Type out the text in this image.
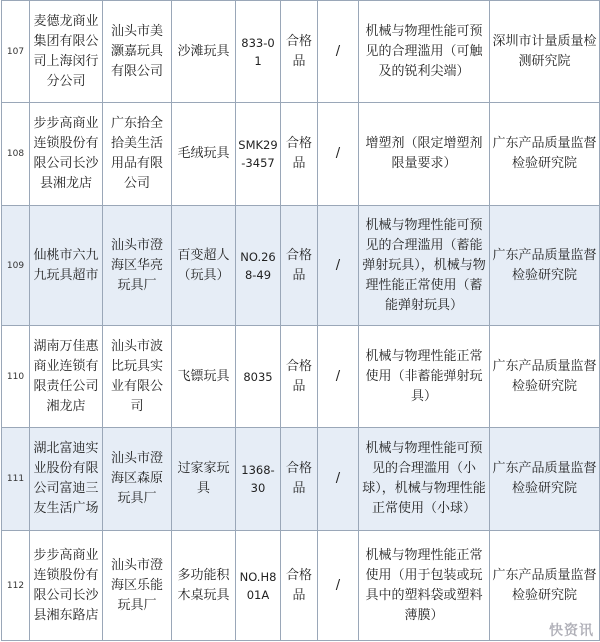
107	麦德龙商业集团有限公司上海闵行分公司	汕头市美灏嘉玩具有限公司	沙滩玩具	833-01	合格品	/	机械与物理性能可预见的合理滥用（可触及的锐利尖端）	深圳市计量质量检测研究院
108	步步高商业连锁股份有限公司长沙县湘龙店	广东拾全拾美生活用品有限公司	毛绒玩具	SMK29-3457	合格品	/	增塑剂（限定增塑剂限量要求）	广东产品质量监督检验研究院
109	仙桃市六九九玩具超市	汕头市澄海区华亮玩具厂	百变超人（玩具）	NO.268-49	合格品	/	机械与物理性能可预见的合理滥用（蓄能弹射玩具），机械与物理性能正常使用（蓄能弹射玩具）	广东产品质量监督检验研究院
110	湖南万佳惠商业连锁有限责任公司湘龙店	汕头市波比玩具实业有限公司	飞镖玩具	8035	合格品	/	机械与物理性能正常使用（非蓄能弹射玩具）	广东产品质量监督检验研究院
111	湖北富迪实业股份有限公司富迪三友生活广场	汕头市澄海区森原玩具厂	过家家玩具	1368-30	合格品	/	机械与物理性能可预见的合理滥用（小球），机械与物理性能正常使用（小球）	广东产品质量监督检验研究院
112	步步高商业连锁股份有限公司长沙县湘东路店	汕头市澄海区乐能玩具厂	多功能积木桌玩具	NO.H801A	合格品	/	机械与物理性能正常使用（用于包装或玩具中的塑料袋或塑料薄膜）	广东产品质量监督检验研究院
快资讯
